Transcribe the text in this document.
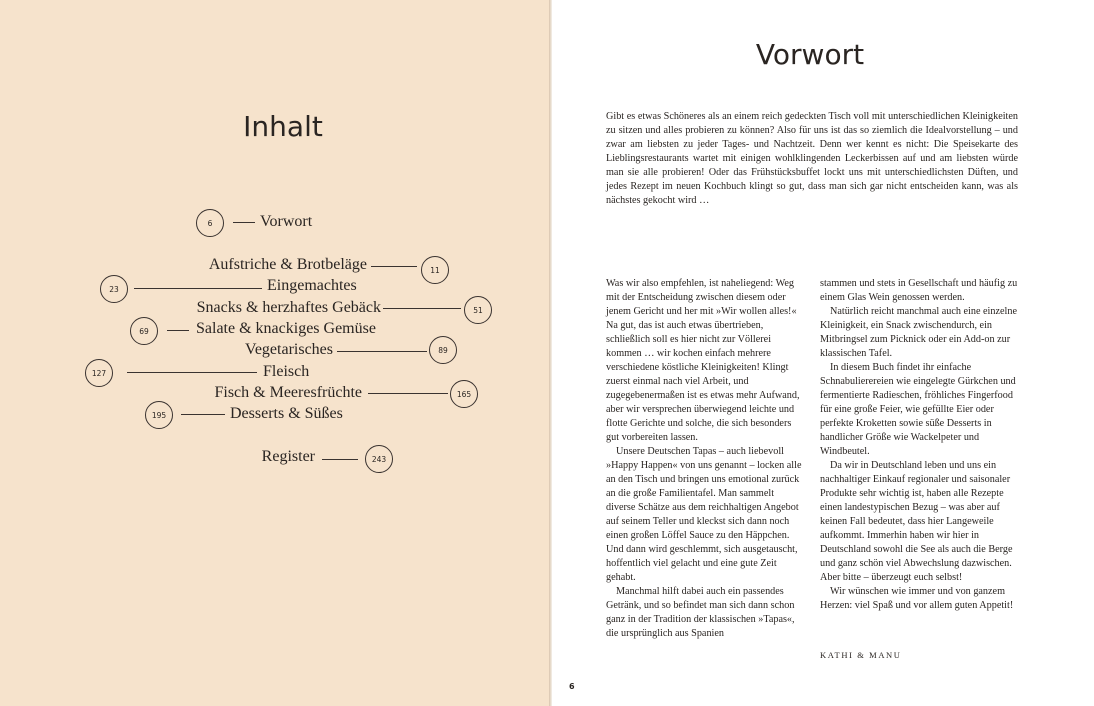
Inhalt
6	Vorwort
Aufstriche & Brotbeläge	11
23	Eingemachtes
Snacks & herzhaftes Gebäck	51
69	Salate & knackiges Gemüse
Vegetarisches	89
127	Fleisch
Fisch & Meeresfrüchte	165
195	Desserts & Süßes
Register	243
Vorwort

Gibt es etwas Schöneres als an einem reich gedeckten Tisch voll mit unterschiedlichen Kleinigkeiten zu sitzen und alles probieren zu können? Also für uns ist das so ziemlich die Idealvorstellung – und zwar am liebsten zu jeder Tages- und Nachtzeit. Denn wer kennt es nicht: Die Speisekarte des Lieblingsrestaurants wartet mit einigen wohlklingenden Leckerbissen auf und am liebsten würde man sie alle probieren! Oder das Frühstücksbuffet lockt uns mit unterschiedlichsten Düften, und jedes Rezept im neuen Kochbuch klingt so gut, dass man sich gar nicht entscheiden kann, was als nächstes gekocht wird …

Was wir also empfehlen, ist naheliegend: Weg mit der Entscheidung zwischen diesem oder jenem Gericht und her mit »Wir wollen alles!« Na gut, das ist auch etwas übertrieben, schließlich soll es hier nicht zur Völlerei kommen … wir kochen einfach mehrere verschiedene köstliche Kleinigkeiten! Klingt zuerst einmal nach viel Arbeit, und zugegebenermaßen ist es etwas mehr Aufwand, aber wir versprechen überwiegend leichte und flotte Gerichte und solche, die sich besonders gut vorbereiten lassen.

Unsere Deutschen Tapas – auch liebevoll »Happy Happen« von uns genannt – locken alle an den Tisch und bringen uns emotional zurück an die große Familientafel. Man sammelt diverse Schätze aus dem reichhaltigen Angebot auf seinem Teller und kleckst sich dann noch einen großen Löffel Sauce zu den Häppchen. Und dann wird geschlemmt, sich ausgetauscht, hoffentlich viel gelacht und eine gute Zeit gehabt.

Manchmal hilft dabei auch ein passendes Getränk, und so befindet man sich dann schon ganz in der Tradition der klassischen »Tapas«, die ursprünglich aus Spanien

stammen und stets in Gesellschaft und häufig zu einem Glas Wein genossen werden.

Natürlich reicht manchmal auch eine einzelne Kleinigkeit, ein Snack zwischendurch, ein Mitbringsel zum Picknick oder ein Add-on zur klassischen Tafel.

In diesem Buch findet ihr einfache Schnabulierereien wie eingelegte Gürkchen und fermentierte Radieschen, fröhliches Fingerfood für eine große Feier, wie gefüllte Eier oder perfekte Kroketten sowie süße Desserts in handlicher Größe wie Wackelpeter und Windbeutel.

Da wir in Deutschland leben und uns ein nachhaltiger Einkauf regionaler und saisonaler Produkte sehr wichtig ist, haben alle Rezepte einen landestypischen Bezug – was aber auf keinen Fall bedeutet, dass hier Langeweile aufkommt. Immerhin haben wir hier in Deutschland sowohl die See als auch die Berge und ganz schön viel Abwechslung dazwischen. Aber bitte – überzeugt euch selbst!

Wir wünschen wie immer und von ganzem Herzen: viel Spaß und vor allem guten Appetit!

KATHI & MANU
6
